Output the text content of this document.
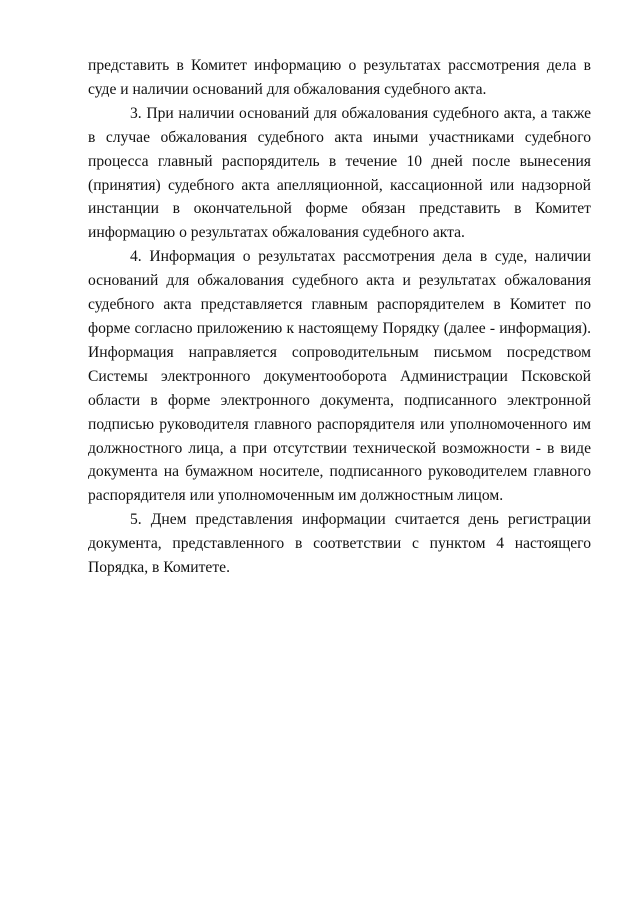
представить в Комитет информацию о результатах рассмотрения дела в суде и наличии оснований для обжалования судебного акта.

3. При наличии оснований для обжалования судебного акта, а также в случае обжалования судебного акта иными участниками судебного процесса главный распорядитель в течение 10 дней после вынесения (принятия) судебного акта апелляционной, кассационной или надзорной инстанции в окончательной форме обязан представить в Комитет информацию о результатах обжалования судебного акта.

4. Информация о результатах рассмотрения дела в суде, наличии оснований для обжалования судебного акта и результатах обжалования судебного акта представляется главным распорядителем в Комитет по форме согласно приложению к настоящему Порядку (далее - информация). Информация направляется сопроводительным письмом посредством Системы электронного документооборота Администрации Псковской области в форме электронного документа, подписанного электронной подписью руководителя главного распорядителя или уполномоченного им должностного лица, а при отсутствии технической возможности - в виде документа на бумажном носителе, подписанного руководителем главного распорядителя или уполномоченным им должностным лицом.

5. Днем представления информации считается день регистрации документа, представленного в соответствии с пунктом 4 настоящего Порядка, в Комитете.
